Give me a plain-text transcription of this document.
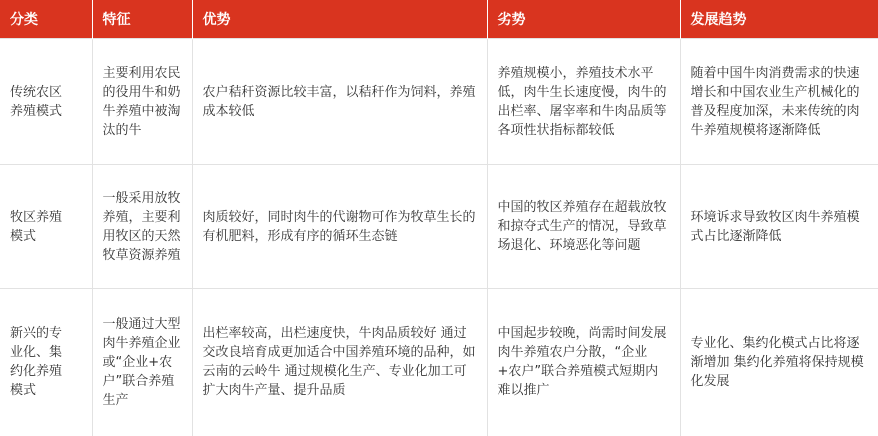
分类	特征	优势	劣势	发展趋势
传统农区
养殖模式	主要利用农民的役用牛和奶牛养殖中被淘汰的牛	农户秸秆资源比较丰富，以秸秆作为饲料，养殖成本较低	养殖规模小，养殖技术水平低，肉牛生长速度慢，肉牛的出栏率、屠宰率和牛肉品质等各项性状指标都较低	随着中国牛肉消费需求的快速增长和中国农业生产机械化的普及程度加深，未来传统的肉牛养殖规模将逐渐降低
牧区养殖
模式	一般采用放牧养殖，主要利用牧区的天然牧草资源养殖	肉质较好，同时肉牛的代谢物可作为牧草生长的有机肥料，形成有序的循环生态链	中国的牧区养殖存在超载放牧和掠夺式生产的情况，导致草场退化、环境恶化等问题	环境诉求导致牧区肉牛养殖模式占比逐渐降低
新兴的专
业化、集
约化养殖
模式	一般通过大型肉牛养殖企业或“企业+农户”联合养殖生产	出栏率较高，出栏速度快，牛肉品质较好 通过交改良培育成更加适合中国养殖环境的品种，如云南的云岭牛 通过规模化生产、专业化加工可扩大肉牛产量、提升品质	中国起步较晚，尚需时间发展 肉牛养殖农户分散，“企业+农户”联合养殖模式短期内难以推广	专业化、集约化模式占比将逐渐增加 集约化养殖将保持规模化发展
